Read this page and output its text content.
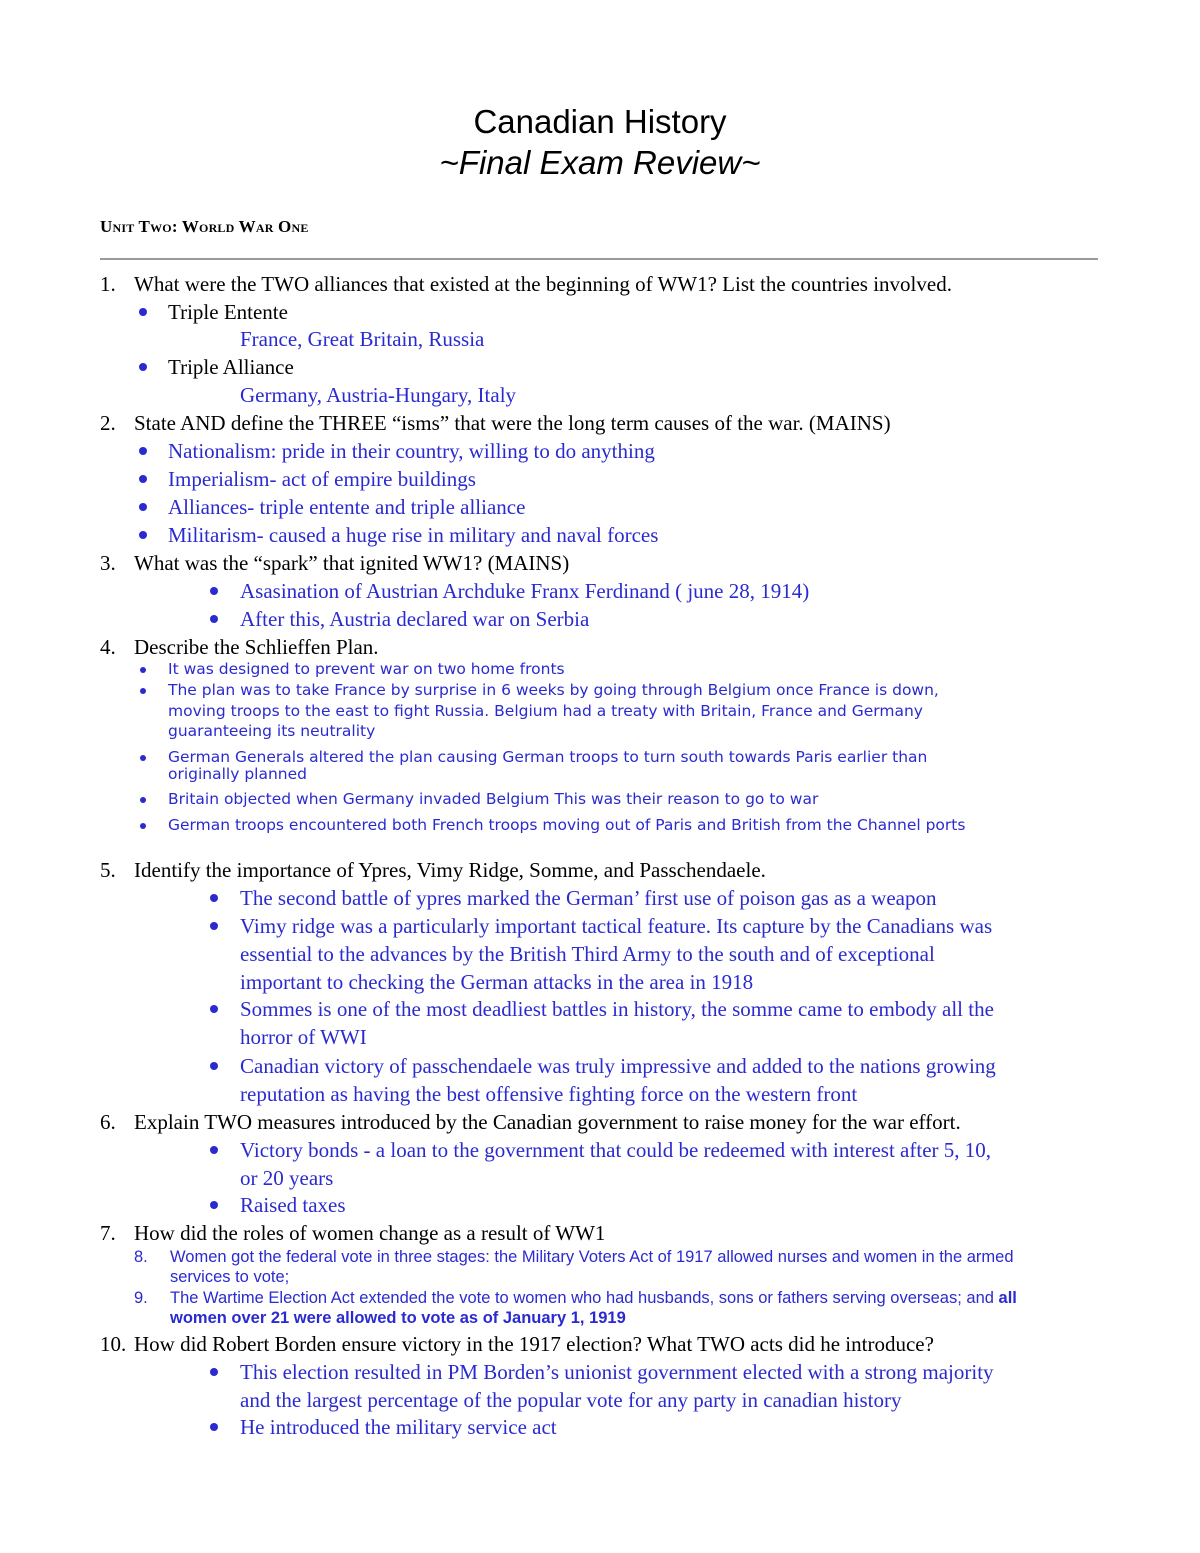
Canadian History
~Final Exam Review~
Unit Two: World War One
1. What were the TWO alliances that existed at the beginning of WW1? List the countries involved.
Triple Entente
France, Great Britain, Russia
Triple Alliance
Germany, Austria-Hungary, Italy
2. State AND define the THREE “isms” that were the long term causes of the war. (MAINS)
Nationalism: pride in their country, willing to do anything
Imperialism- act of empire buildings
Alliances- triple entente and triple alliance
Militarism- caused a huge rise in military and naval forces
3. What was the “spark” that ignited WW1? (MAINS)
Asasination of Austrian Archduke Franx Ferdinand ( june 28, 1914)
After this, Austria declared war on Serbia
4. Describe the Schlieffen Plan.
It was designed to prevent war on two home fronts
The plan was to take France by surprise in 6 weeks by going through Belgium once France is down,
moving troops to the east to fight Russia. Belgium had a treaty with Britain, France and Germany
guaranteeing its neutrality
German Generals altered the plan causing German troops to turn south towards Paris earlier than
originally planned
Britain objected when Germany invaded Belgium This was their reason to go to war
German troops encountered both French troops moving out of Paris and British from the Channel ports
5. Identify the importance of Ypres, Vimy Ridge, Somme, and Passchendaele.
The second battle of ypres marked the German’ first use of poison gas as a weapon
Vimy ridge was a particularly important tactical feature. Its capture by the Canadians was
essential to the advances by the British Third Army to the south and of exceptional
important to checking the German attacks in the area in 1918
Sommes is one of the most deadliest battles in history, the somme came to embody all the
horror of WWI
Canadian victory of passchendaele was truly impressive and added to the nations growing
reputation as having the best offensive fighting force on the western front
6. Explain TWO measures introduced by the Canadian government to raise money for the war effort.
Victory bonds - a loan to the government that could be redeemed with interest after 5, 10,
or 20 years
Raised taxes
7. How did the roles of women change as a result of WW1
8. Women got the federal vote in three stages: the Military Voters Act of 1917 allowed nurses and women in the armed
services to vote;
9. The Wartime Election Act extended the vote to women who had husbands, sons or fathers serving overseas; and all
women over 21 were allowed to vote as of January 1, 1919
10. How did Robert Borden ensure victory in the 1917 election? What TWO acts did he introduce?
This election resulted in PM Borden’s unionist government elected with a strong majority
and the largest percentage of the popular vote for any party in canadian history
He introduced the military service act
